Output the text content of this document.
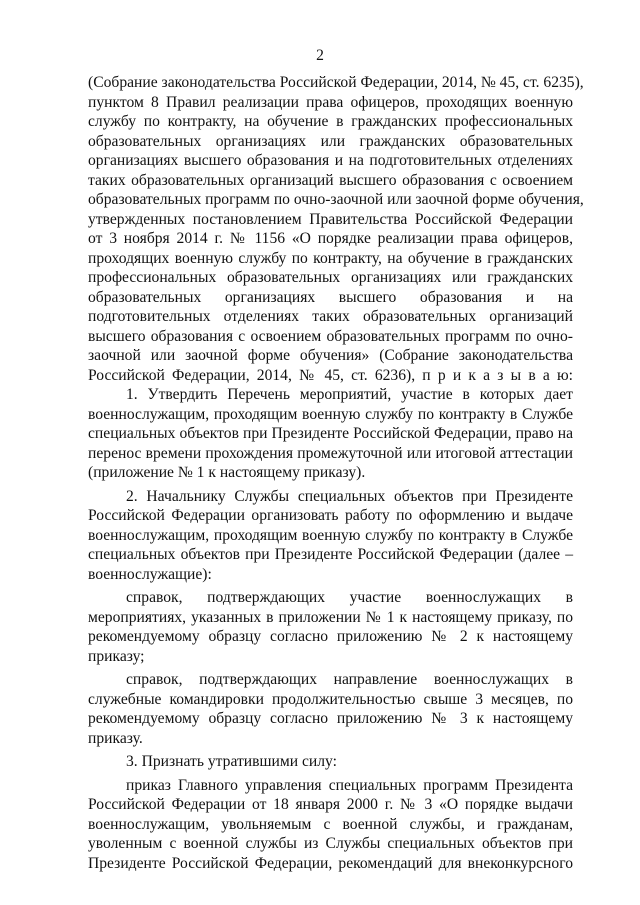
2
(Собрание законодательства Российской Федерации, 2014, № 45, ст. 6235),
пунктом 8 Правил реализации права офицеров, проходящих военную
службу по контракту, на обучение в гражданских профессиональных
образовательных организациях или гражданских образовательных
организациях высшего образования и на подготовительных отделениях
таких образовательных организаций высшего образования с освоением
образовательных программ по очно-заочной или заочной форме обучения,
утвержденных постановлением Правительства Российской Федерации
от 3 ноября 2014 г. № 1156 «О порядке реализации права офицеров,
проходящих военную службу по контракту, на обучение в гражданских
профессиональных образовательных организациях или гражданских
образовательных организациях высшего образования и на
подготовительных отделениях таких образовательных организаций
высшего образования с освоением образовательных программ по очно-
заочной или заочной форме обучения» (Собрание законодательства
Российской Федерации, 2014, № 45, ст. 6236), п р и к а з ы в а ю:
1. Утвердить Перечень мероприятий, участие в которых дает
военнослужащим, проходящим военную службу по контракту в Службе
специальных объектов при Президенте Российской Федерации, право на
перенос времени прохождения промежуточной или итоговой аттестации
(приложение № 1 к настоящему приказу).
2. Начальнику Службы специальных объектов при Президенте
Российской Федерации организовать работу по оформлению и выдаче
военнослужащим, проходящим военную службу по контракту в Службе
специальных объектов при Президенте Российской Федерации (далее –
военнослужащие):
справок, подтверждающих участие военнослужащих в
мероприятиях, указанных в приложении № 1 к настоящему приказу, по
рекомендуемому образцу согласно приложению № 2 к настоящему
приказу;
справок, подтверждающих направление военнослужащих в
служебные командировки продолжительностью свыше 3 месяцев, по
рекомендуемому образцу согласно приложению № 3 к настоящему
приказу.
3. Признать утратившими силу:
приказ Главного управления специальных программ Президента
Российской Федерации от 18 января 2000 г. № 3 «О порядке выдачи
военнослужащим, увольняемым с военной службы, и гражданам,
уволенным с военной службы из Службы специальных объектов при
Президенте Российской Федерации, рекомендаций для внеконкурсного
